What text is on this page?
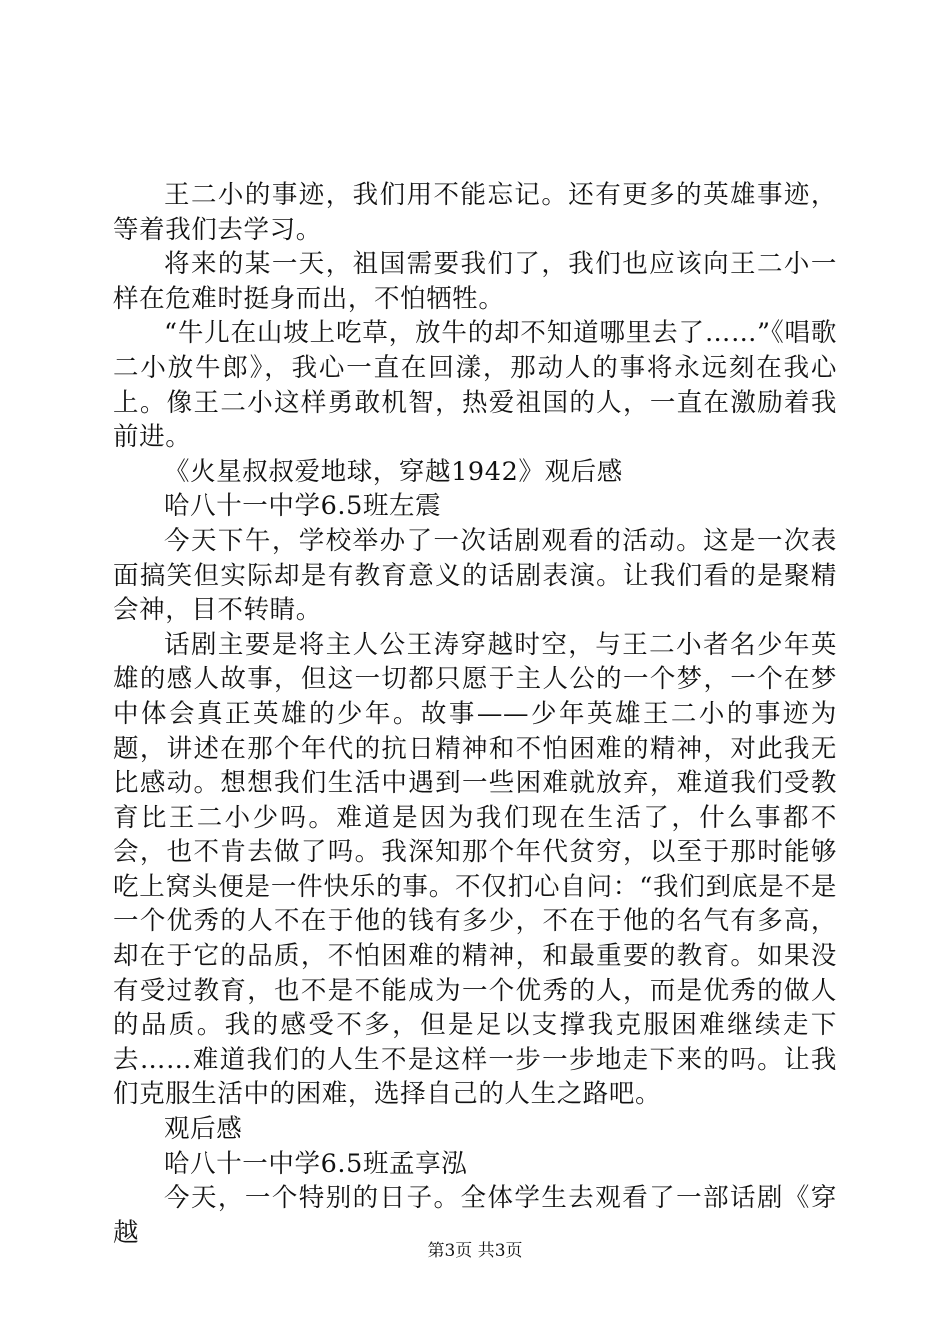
王二小的事迹，我们用不能忘记。还有更多的英雄事迹，等着我们去学习。

将来的某一天，祖国需要我们了，我们也应该向王二小一样在危难时挺身而出，不怕牺牲。

“牛儿在山坡上吃草，放牛的却不知道哪里去了……”《唱歌二小放牛郎》，我心一直在回漾，那动人的事将永远刻在我心上。像王二小这样勇敢机智，热爱祖国的人，一直在激励着我前进。

《火星叔叔爱地球，穿越1942》观后感

哈八十一中学6.5班左震

今天下午，学校举办了一次话剧观看的活动。这是一次表面搞笑但实际却是有教育意义的话剧表演。让我们看的是聚精会神，目不转睛。

话剧主要是将主人公王涛穿越时空，与王二小者名少年英雄的感人故事，但这一切都只愿于主人公的一个梦，一个在梦中体会真正英雄的少年。故事——少年英雄王二小的事迹为题，讲述在那个年代的抗日精神和不怕困难的精神，对此我无比感动。想想我们生活中遇到一些困难就放弃，难道我们受教育比王二小少吗。难道是因为我们现在生活了，什么事都不会，也不肯去做了吗。我深知那个年代贫穷，以至于那时能够吃上窝头便是一件快乐的事。不仅扪心自问：“我们到底是不是一个优秀的人不在于他的钱有多少，不在于他的名气有多高，却在于它的品质，不怕困难的精神，和最重要的教育。如果没有受过教育，也不是不能成为一个优秀的人，而是优秀的做人的品质。我的感受不多，但是足以支撑我克服困难继续走下去……难道我们的人生不是这样一步一步地走下来的吗。让我们克服生活中的困难，选择自己的人生之路吧。

观后感

哈八十一中学6.5班孟享泓

今天，一个特别的日子。全体学生去观看了一部话剧《穿越

第3页 共3页
